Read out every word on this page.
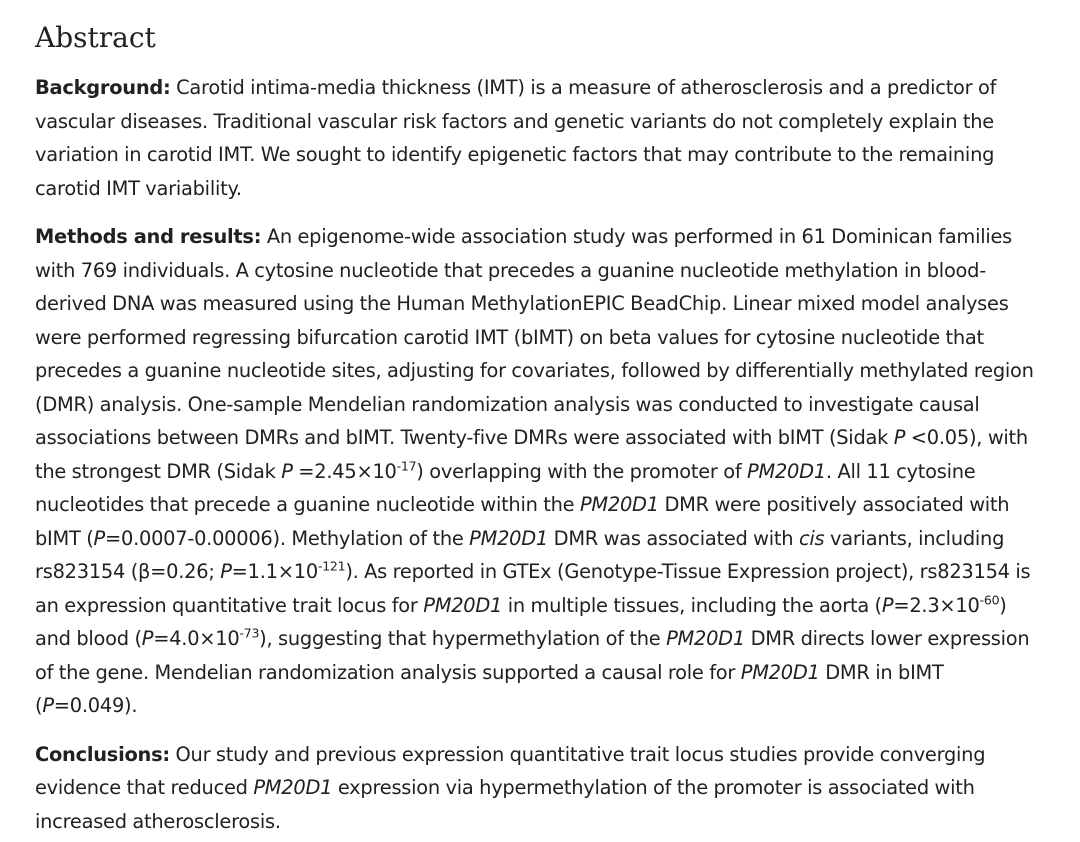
Abstract

Background: Carotid intima-media thickness (IMT) is a measure of atherosclerosis and a predictor of vascular diseases. Traditional vascular risk factors and genetic variants do not completely explain the variation in carotid IMT. We sought to identify epigenetic factors that may contribute to the remaining carotid IMT variability.

Methods and results: An epigenome-wide association study was performed in 61 Dominican families with 769 individuals. A cytosine nucleotide that precedes a guanine nucleotide methylation in blood-derived DNA was measured using the Human MethylationEPIC BeadChip. Linear mixed model analyses were performed regressing bifurcation carotid IMT (bIMT) on beta values for cytosine nucleotide that precedes a guanine nucleotide sites, adjusting for covariates, followed by differentially methylated region (DMR) analysis. One-sample Mendelian randomization analysis was conducted to investigate causal associations between DMRs and bIMT. Twenty-five DMRs were associated with bIMT (Sidak P <0.05), with the strongest DMR (Sidak $P =2.45\times 10^{-17}$) overlapping with the promoter of PM20D1. All 11 cytosine nucleotides that precede a guanine nucleotide within the PM20D1 DMR were positively associated with bIMT (P=0.0007-0.00006). Methylation of the PM20D1 DMR was associated with cis variants, including rs823154 (β=0.26; $P=1.1\times 10^{-121}$). As reported in GTEx (Genotype-Tissue Expression project), rs823154 is an expression quantitative trait locus for PM20D1 in multiple tissues, including the aorta $(P=2.3\times 10^{-60})$ and blood $(P=4.0\times 10^{-73})$, suggesting that hypermethylation of the PM20D1 DMR directs lower expression of the gene. Mendelian randomization analysis supported a causal role for PM20D1 DMR in bIMT (P=0.049).

Conclusions: Our study and previous expression quantitative trait locus studies provide converging evidence that reduced PM20D1 expression via hypermethylation of the promoter is associated with increased atherosclerosis.
